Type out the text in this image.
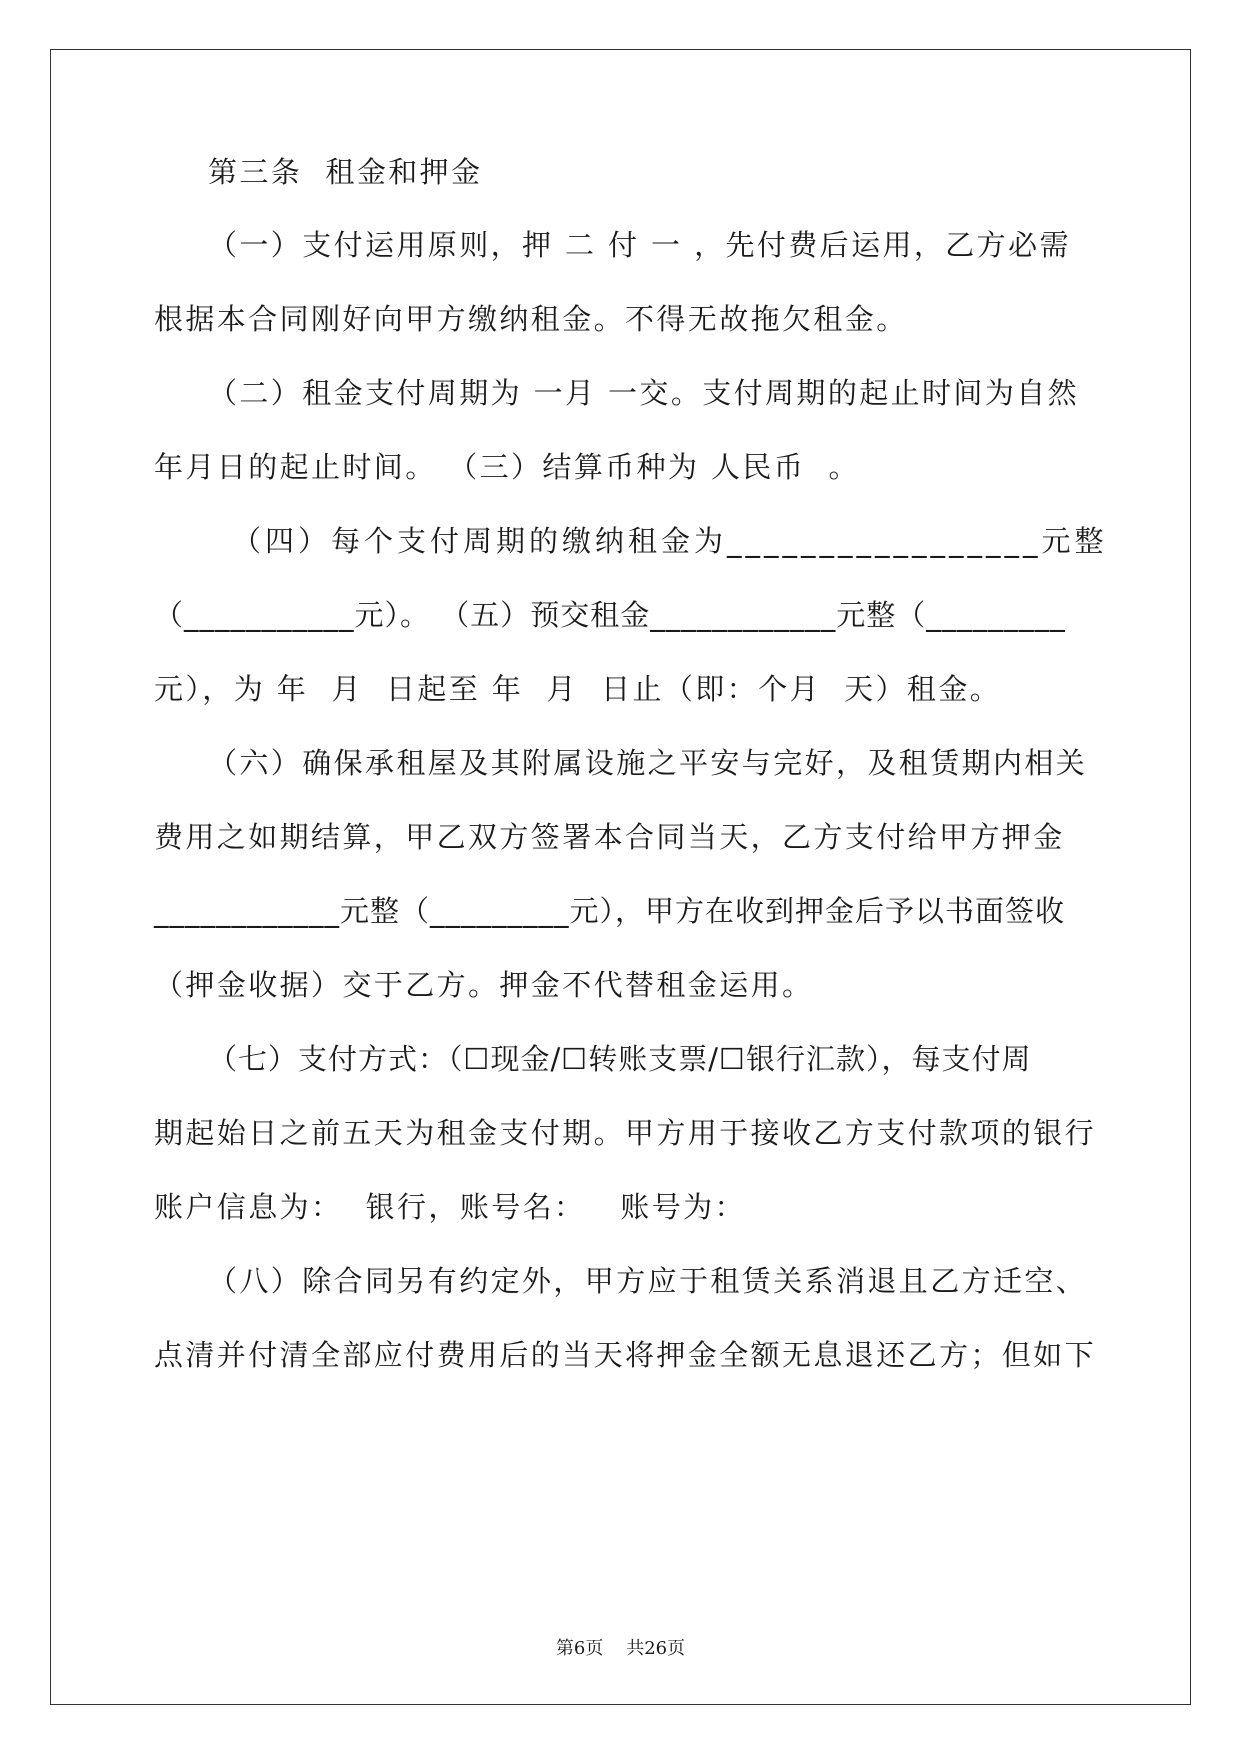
第三条  租金和押金
（一）支付运用原则，押 二 付 一 ，先付费后运用，乙方必需
根据本合同刚好向甲方缴纳租金。不得无故拖欠租金。
（二）租金支付周期为 一月 一交。支付周期的起止时间为自然
年月日的起止时间。 （三）结算币种为 人民币  。
（四）每个支付周期的缴纳租金为_________________元整
（___________元）。 （五）预交租金____________元整（_________
元），为 年  月  日起至 年  月  日止（即：个月  天）租金。
（六）确保承租屋及其附属设施之平安与完好，及租赁期内相关
费用之如期结算，甲乙双方签署本合同当天，乙方支付给甲方押金
____________元整（_________元），甲方在收到押金后予以书面签收
（押金收据）交于乙方。押金不代替租金运用。
（七）支付方式：（☐现金/☐转账支票/☐银行汇款），每支付周
期起始日之前五天为租金支付期。甲方用于接收乙方支付款项的银行
账户信息为：  银行，账号名：   账号为：
（八）除合同另有约定外，甲方应于租赁关系消退且乙方迁空、
点清并付清全部应付费用后的当天将押金全额无息退还乙方；但如下
第6页    共26页
